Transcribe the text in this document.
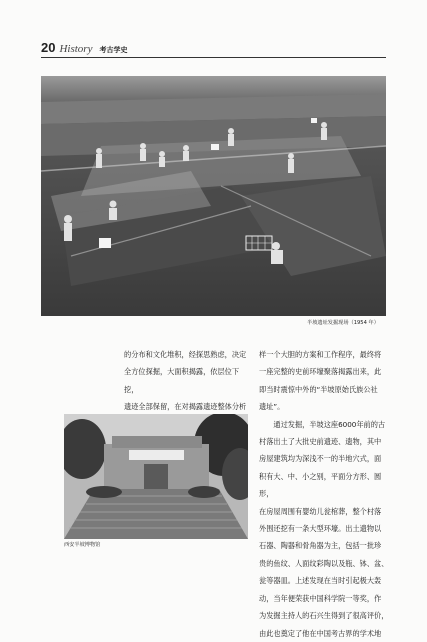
20 History 考古学史
半坡遗址发掘现场（1954 年）

的分布和文化堆积，经探思熟虑，决定

全方位探掘，大面积揭露，依层位下挖，

遗迹全部保留，在对揭露遗迹整体分析

西安半坡博物馆

样一个大胆的方案和工作程序，最终将

一座完整的史前环壕聚落揭露出来，此

即当时震惊中外的“半坡原始氏族公社

遗址”。

通过发掘，半坡这座6000年前的古

村落出土了大批史前遗迹、遗物，其中

房屋建筑均为深浅不一的半地穴式，面

积有大、中、小之别，平面分方形、圆形，

在房屋周围有婴幼儿瓮棺葬，整个村落

外围还挖有一条大型环壕。出土遗物以

石器、陶器和骨角器为主，包括一批珍

贵的鱼纹、人面纹彩陶以及瓶、钵、盆、

瓮等器皿。上述发现在当时引起极大轰

动，当年便荣获中国科学院一等奖，作

为发掘主持人的石兴生得到了很高评价，

由此也奠定了他在中国考古界的学术地
